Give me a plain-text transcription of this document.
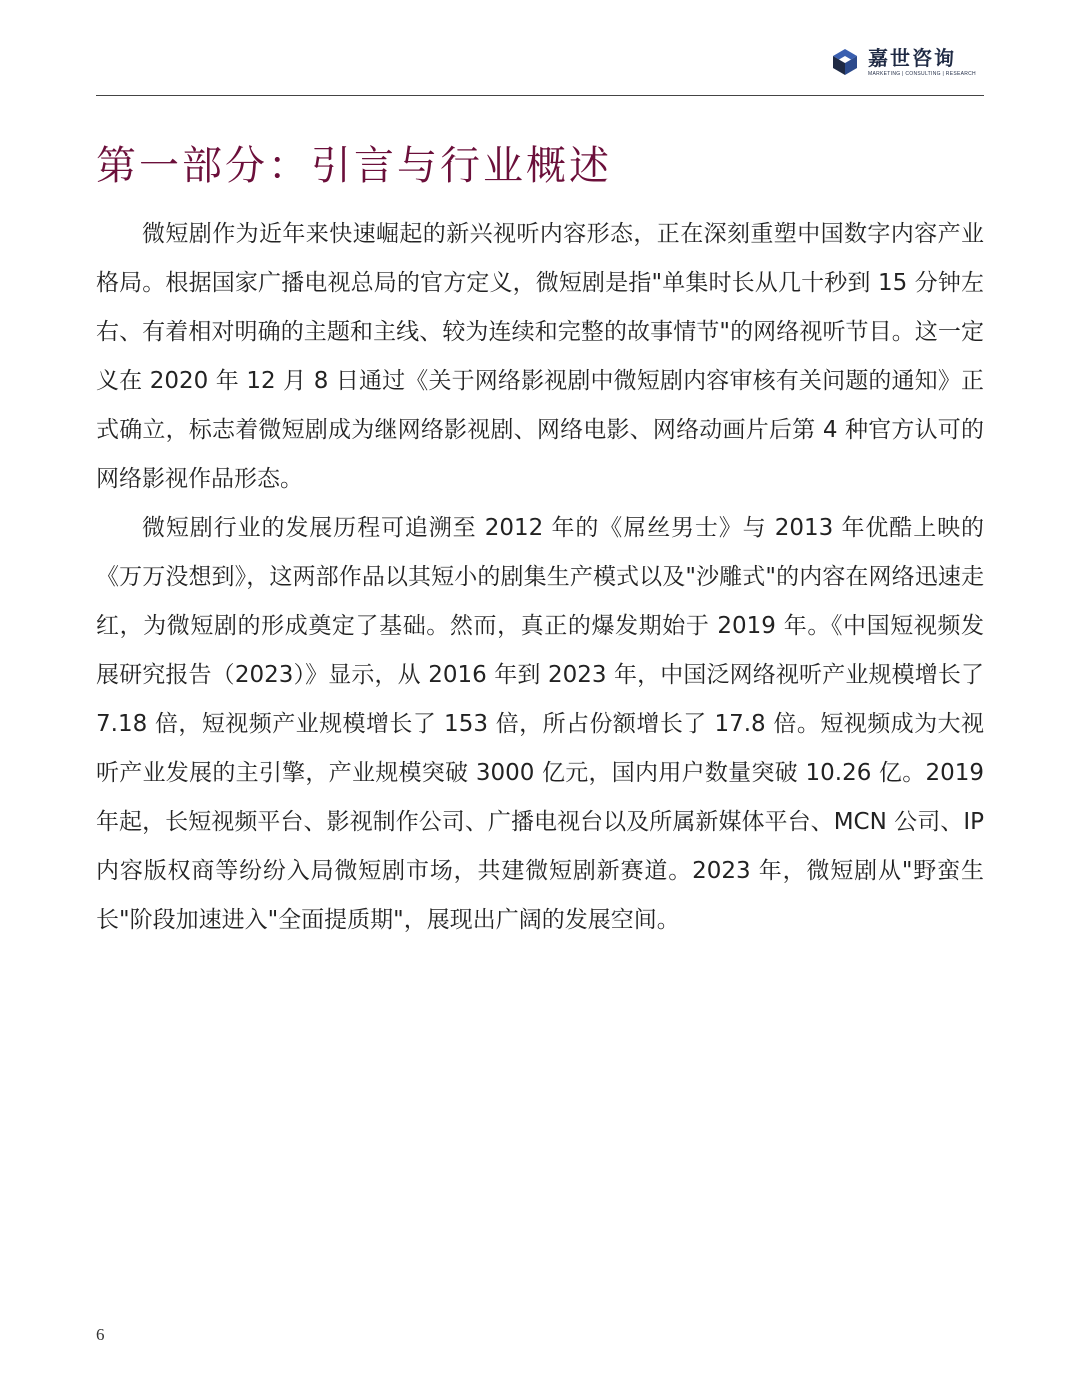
嘉世咨询
MARKETING | CONSULTING | RESEARCH
第一部分：引言与行业概述

微短剧作为近年来快速崛起的新兴视听内容形态，正在深刻重塑中国数字内容产业格局。根据国家广播电视总局的官方定义，微短剧是指"单集时长从几十秒到 15 分钟左右、有着相对明确的主题和主线、较为连续和完整的故事情节"的网络视听节目。这一定义在 2020 年 12 月 8 日通过《关于网络影视剧中微短剧内容审核有关问题的通知》正式确立，标志着微短剧成为继网络影视剧、网络电影、网络动画片后第 4 种官方认可的网络影视作品形态。

微短剧行业的发展历程可追溯至 2012 年的《屌丝男士》与 2013 年优酷上映的《万万没想到》，这两部作品以其短小的剧集生产模式以及"沙雕式"的内容在网络迅速走红，为微短剧的形成奠定了基础。然而，真正的爆发期始于 2019 年。《中国短视频发展研究报告（2023）》显示，从 2016 年到 2023 年，中国泛网络视听产业规模增长了 7.18 倍，短视频产业规模增长了 153 倍，所占份额增长了 17.8 倍。短视频成为大视听产业发展的主引擎，产业规模突破 3000 亿元，国内用户数量突破 10.26 亿。2019 年起，长短视频平台、影视制作公司、广播电视台以及所属新媒体平台、MCN 公司、IP 内容版权商等纷纷入局微短剧市场，共建微短剧新赛道。2023 年，微短剧从"野蛮生长"阶段加速进入"全面提质期"，展现出广阔的发展空间。

6
